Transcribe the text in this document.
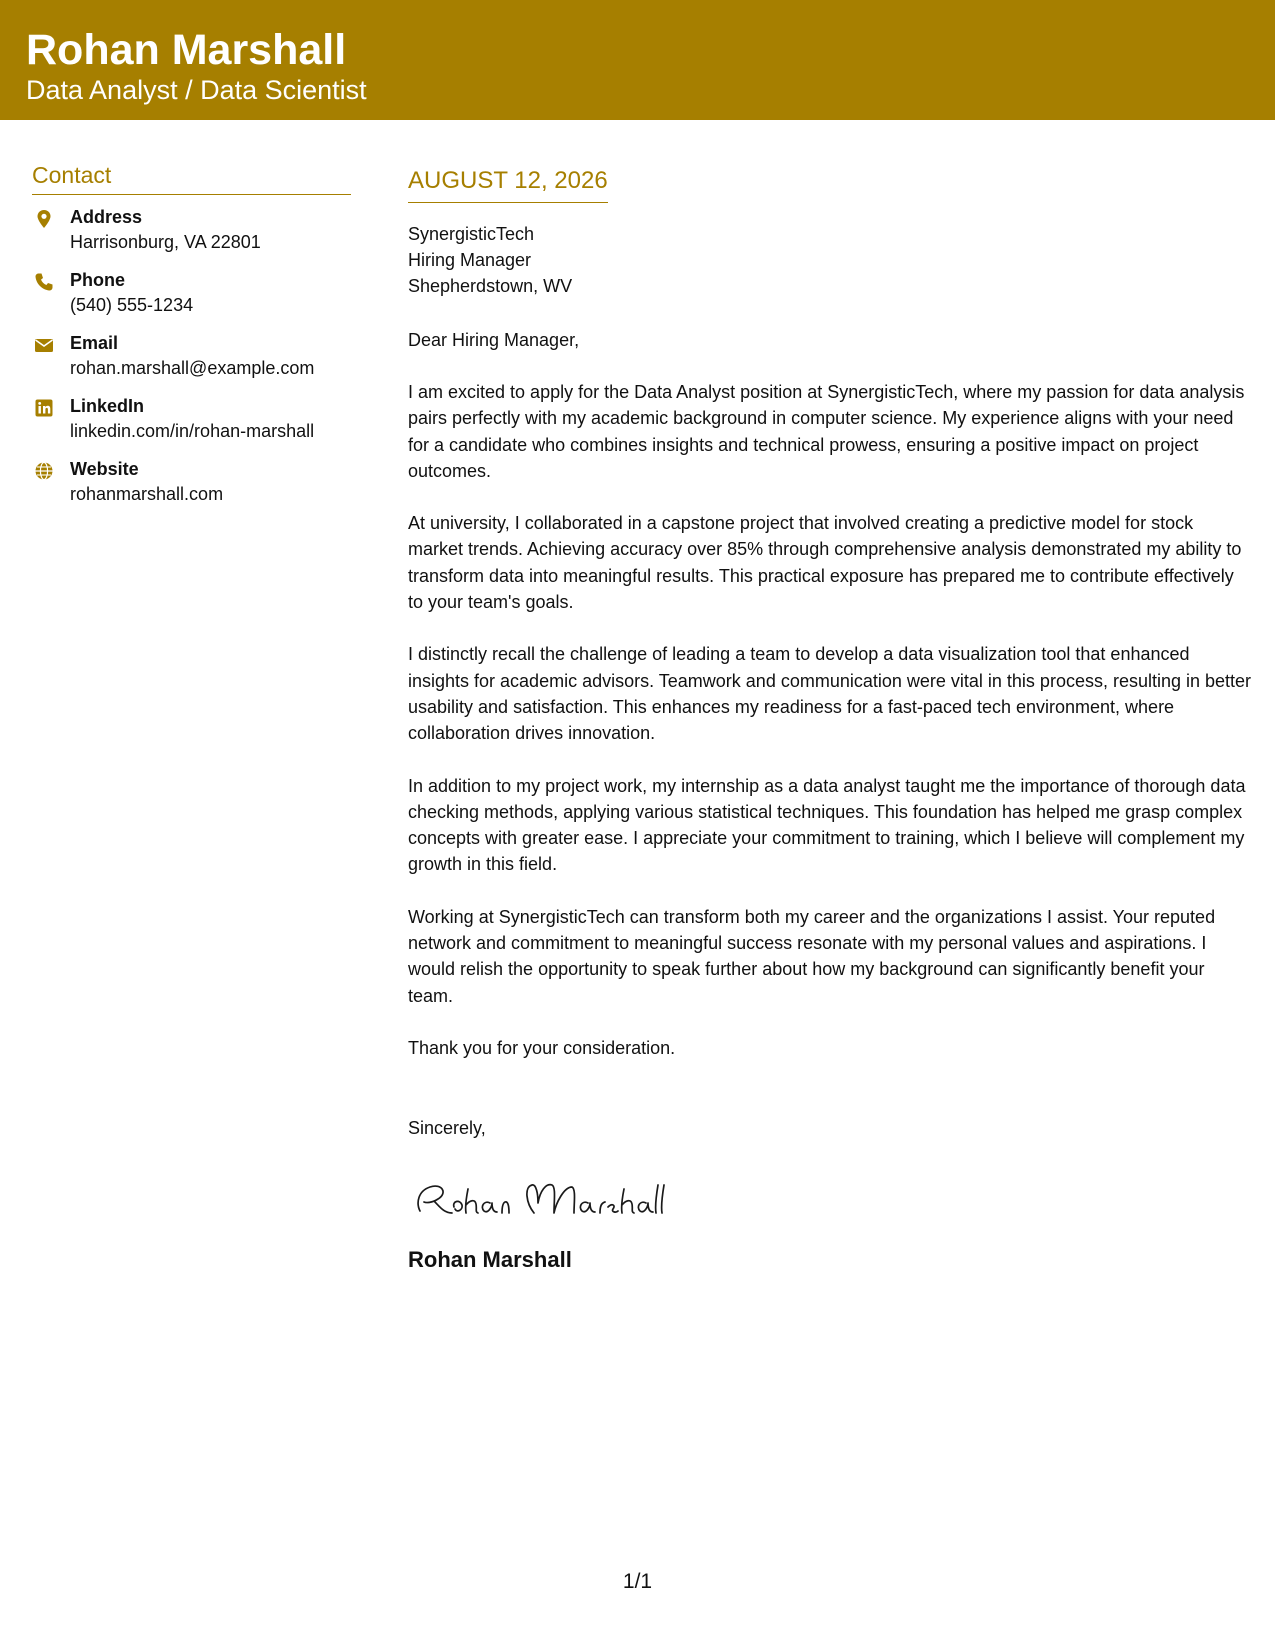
Rohan Marshall
Data Analyst / Data Scientist
Contact
Address
Harrisonburg, VA 22801
Phone
(540) 555-1234
Email
rohan.marshall@example.com
LinkedIn
linkedin.com/in/rohan-marshall
Website
rohanmarshall.com
AUGUST 12, 2026
SynergisticTech
Hiring Manager
Shepherdstown, WV
Dear Hiring Manager,

I am excited to apply for the Data Analyst position at SynergisticTech, where my passion for data analysis pairs perfectly with my academic background in computer science. My experience aligns with your need for a candidate who combines insights and technical prowess, ensuring a positive impact on project outcomes.

At university, I collaborated in a capstone project that involved creating a predictive model for stock market trends. Achieving accuracy over 85% through comprehensive analysis demonstrated my ability to transform data into meaningful results. This practical exposure has prepared me to contribute effectively to your team's goals.

I distinctly recall the challenge of leading a team to develop a data visualization tool that enhanced insights for academic advisors. Teamwork and communication were vital in this process, resulting in better usability and satisfaction. This enhances my readiness for a fast-paced tech environment, where collaboration drives innovation.

In addition to my project work, my internship as a data analyst taught me the importance of thorough data checking methods, applying various statistical techniques. This foundation has helped me grasp complex concepts with greater ease. I appreciate your commitment to training, which I believe will complement my growth in this field.

Working at SynergisticTech can transform both my career and the organizations I assist. Your reputed network and commitment to meaningful success resonate with my personal values and aspirations. I would relish the opportunity to speak further about how my background can significantly benefit your team.

Thank you for your consideration.

Sincerely,
Rohan Marshall
1/1
